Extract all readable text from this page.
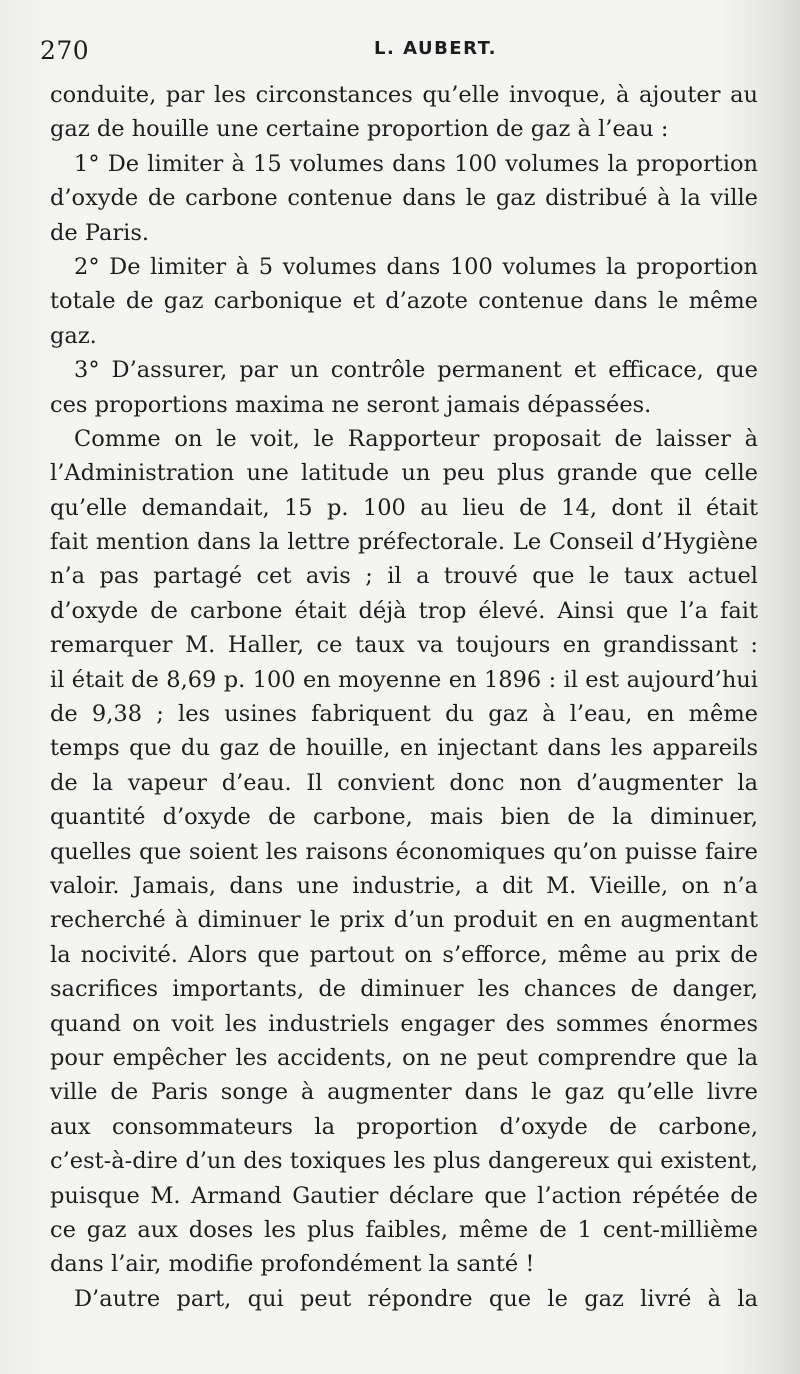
270	L. AUBERT.
conduite, par les circonstances qu’elle invoque, à ajouter au
gaz de houille une certaine proportion de gaz à l’eau :
1° De limiter à 15 volumes dans 100 volumes la proportion
d’oxyde de carbone contenue dans le gaz distribué à la ville
de Paris.
2° De limiter à 5 volumes dans 100 volumes la proportion
totale de gaz carbonique et d’azote contenue dans le même
gaz.
3° D’assurer, par un contrôle permanent et efficace, que
ces proportions maxima ne seront jamais dépassées.
Comme on le voit, le Rapporteur proposait de laisser à
l’Administration une latitude un peu plus grande que celle
qu’elle demandait, 15 p. 100 au lieu de 14, dont il était
fait mention dans la lettre préfectorale. Le Conseil d’Hygiène
n’a pas partagé cet avis ; il a trouvé que le taux actuel
d’oxyde de carbone était déjà trop élevé. Ainsi que l’a fait
remarquer M. Haller, ce taux va toujours en grandissant :
il était de 8,69 p. 100 en moyenne en 1896 : il est aujourd’hui
de 9,38 ; les usines fabriquent du gaz à l’eau, en même
temps que du gaz de houille, en injectant dans les appareils
de la vapeur d’eau. Il convient donc non d’augmenter la
quantité d’oxyde de carbone, mais bien de la diminuer,
quelles que soient les raisons économiques qu’on puisse faire
valoir. Jamais, dans une industrie, a dit M. Vieille, on n’a
recherché à diminuer le prix d’un produit en en augmentant
la nocivité. Alors que partout on s’efforce, même au prix de
sacrifices importants, de diminuer les chances de danger,
quand on voit les industriels engager des sommes énormes
pour empêcher les accidents, on ne peut comprendre que la
ville de Paris songe à augmenter dans le gaz qu’elle livre
aux consommateurs la proportion d’oxyde de carbone,
c’est-à-dire d’un des toxiques les plus dangereux qui existent,
puisque M. Armand Gautier déclare que l’action répétée de
ce gaz aux doses les plus faibles, même de 1 cent-millième
dans l’air, modifie profondément la santé !
D’autre part, qui peut répondre que le gaz livré à la
